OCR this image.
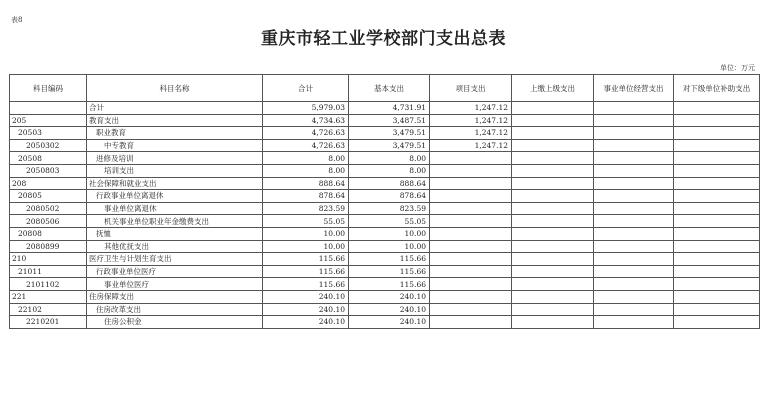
表8
重庆市轻工业学校部门支出总表
单位：万元
科目编码	科目名称	合计	基本支出	项目支出	上缴上级支出	事业单位经营支出	对下级单位补助支出
	合计	5,979.03	4,731.91	1,247.12			
205	教育支出	4,734.63	3,487.51	1,247.12			
20503	职业教育	4,726.63	3,479.51	1,247.12			
2050302	中专教育	4,726.63	3,479.51	1,247.12			
20508	进修及培训	8.00	8.00				
2050803	培训支出	8.00	8.00				
208	社会保障和就业支出	888.64	888.64				
20805	行政事业单位离退休	878.64	878.64				
2080502	事业单位离退休	823.59	823.59				
2080506	机关事业单位职业年金缴费支出	55.05	55.05				
20808	抚恤	10.00	10.00				
2080899	其他优抚支出	10.00	10.00				
210	医疗卫生与计划生育支出	115.66	115.66				
21011	行政事业单位医疗	115.66	115.66				
2101102	事业单位医疗	115.66	115.66				
221	住房保障支出	240.10	240.10				
22102	住房改革支出	240.10	240.10				
2210201	住房公积金	240.10	240.10				
